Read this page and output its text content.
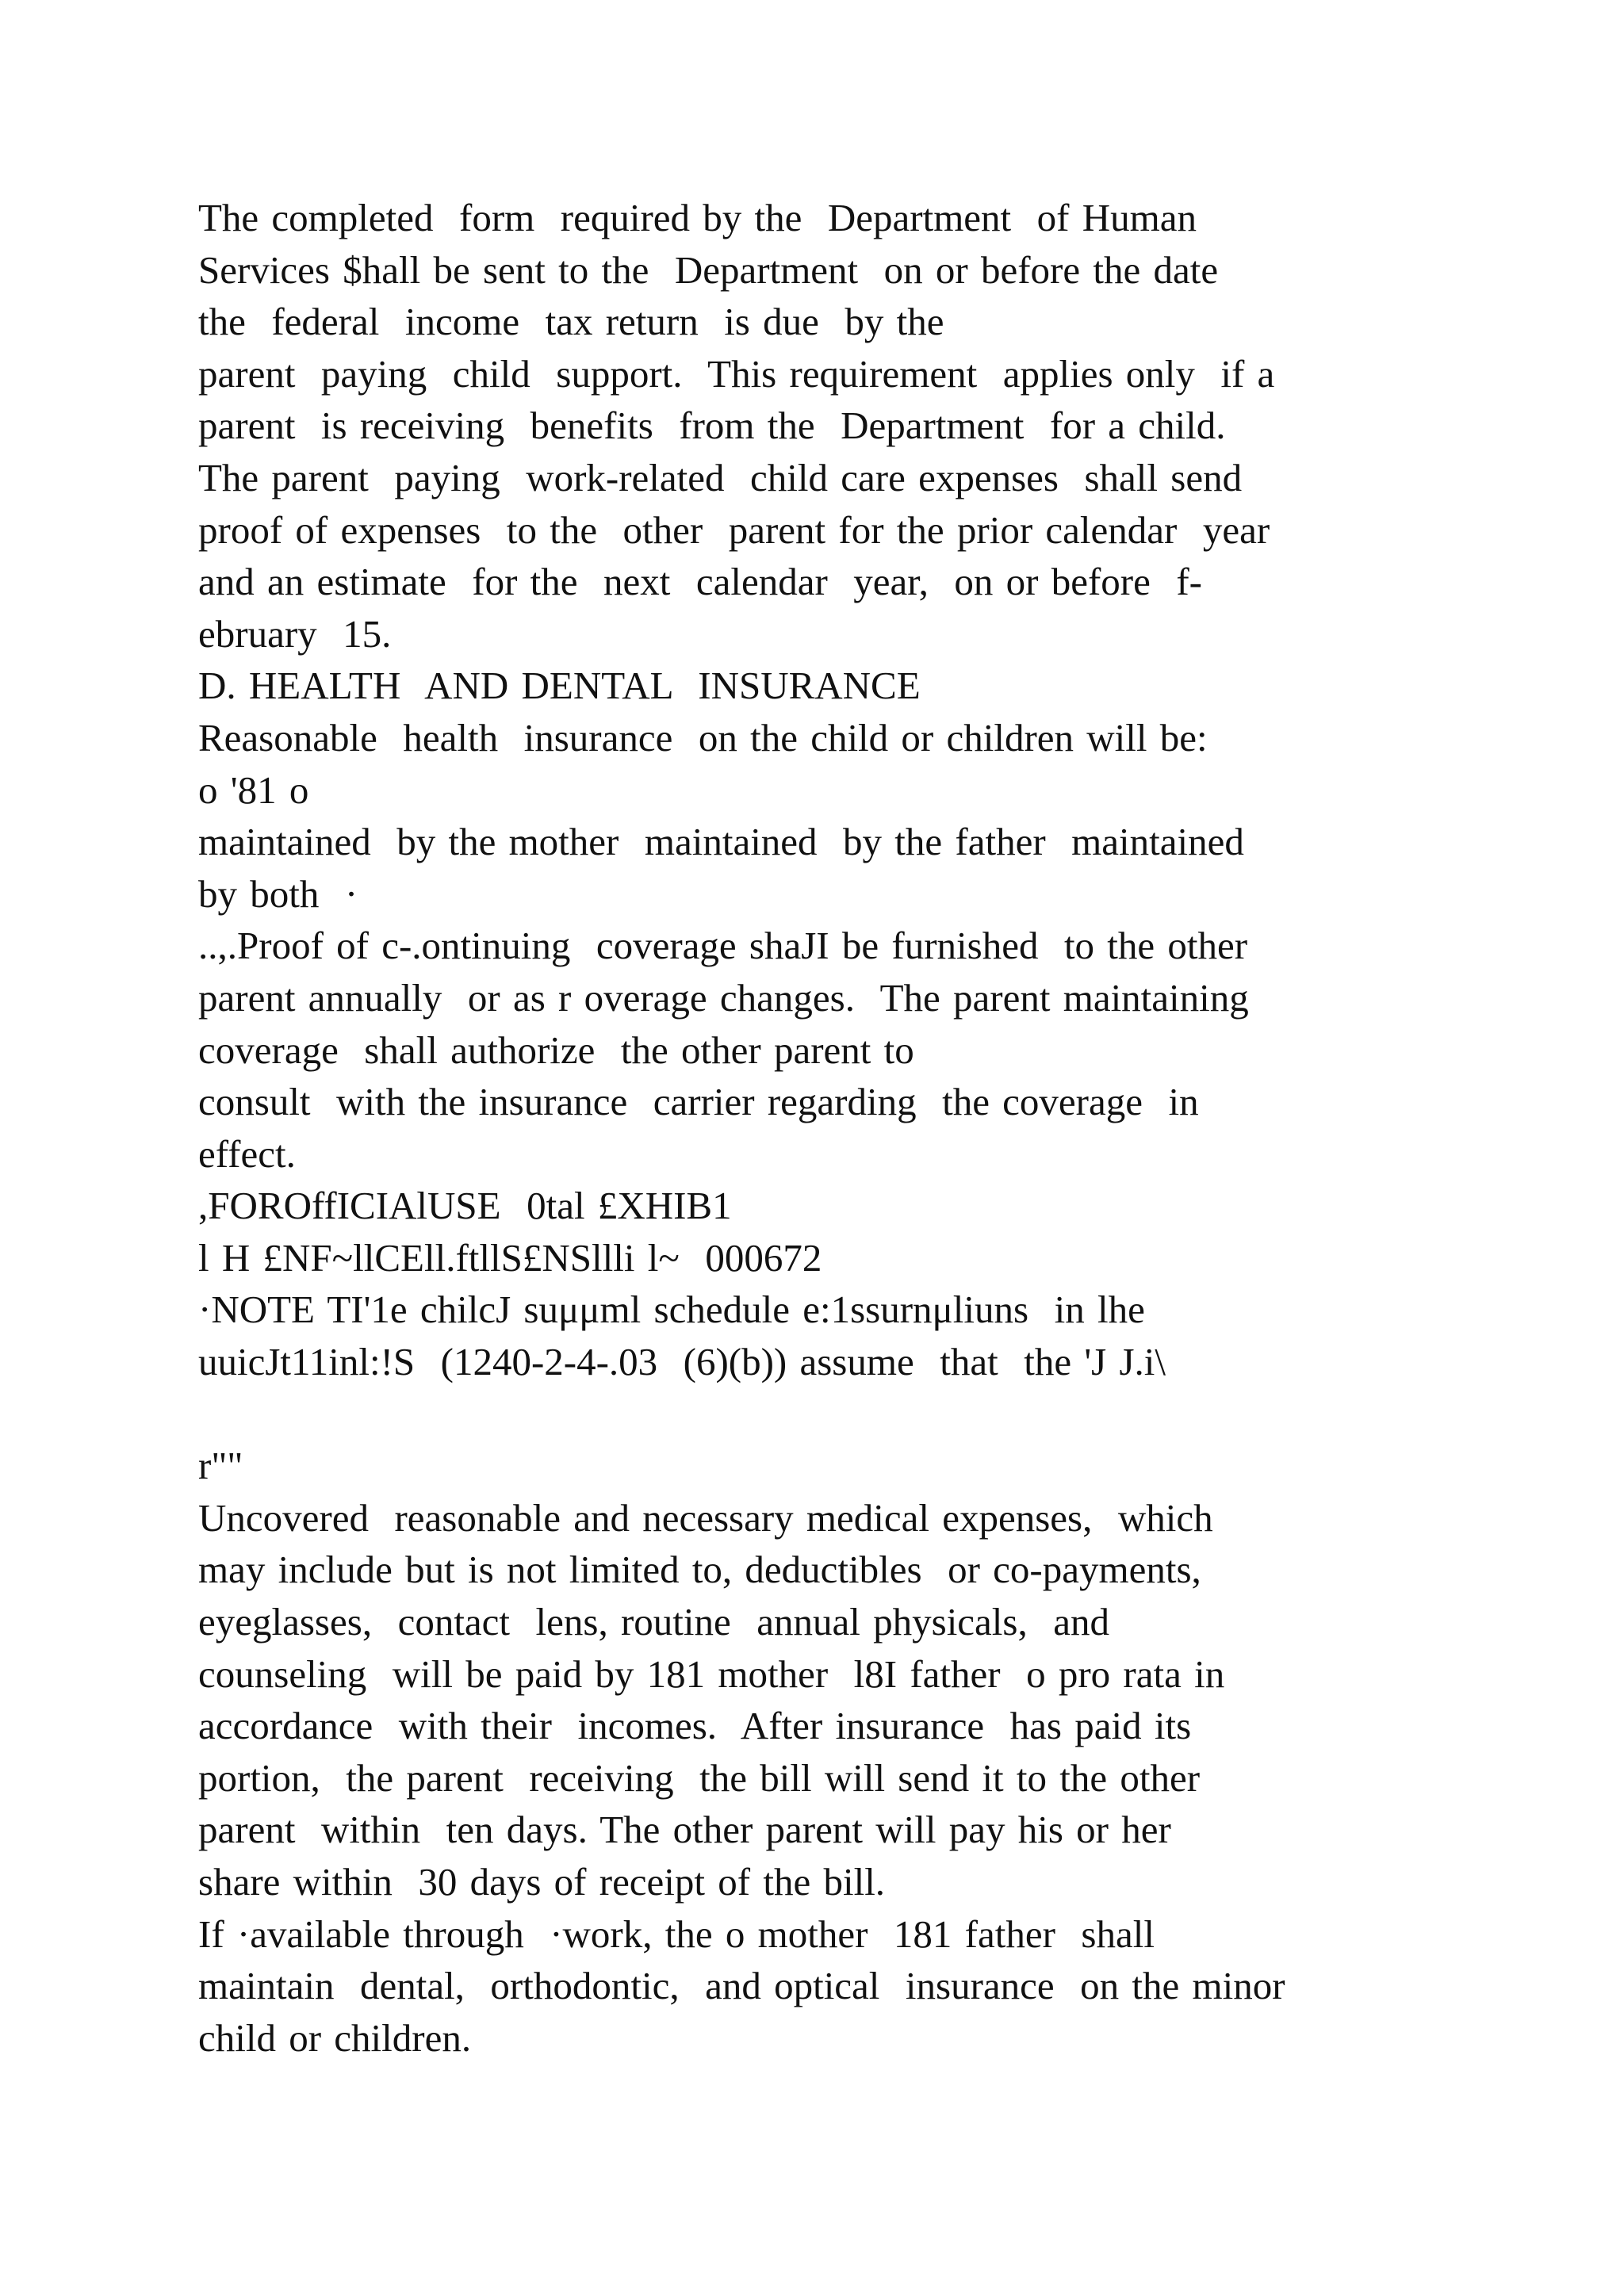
The completed  form  required by the  Department  of Human
Services $hall be sent to the  Department  on or before the date
the  federal  income  tax return  is due  by the
parent  paying  child  support.  This requirement  applies only  if a
parent  is receiving  benefits  from the  Department  for a child.
The parent  paying  work-related  child care expenses  shall send
proof of expenses  to the  other  parent for the prior calendar  year
and an estimate  for the  next  calendar  year,  on or before  f-
ebruary  15.
D. HEALTH  AND DENTAL  INSURANCE
Reasonable  health  insurance  on the child or children will be:
o '81 o
maintained  by the mother  maintained  by the father  maintained
by both  ·
..,.Proof of c-.ontinuing  coverage shaJI be furnished  to the other
parent annually  or as r overage changes.  The parent maintaining
coverage  shall authorize  the other parent to
consult  with the insurance  carrier regarding  the coverage  in
effect.
,FOROffICIAlUSE  0tal £XHIB1
l H £NF~llCEll.ftllS£NSllli l~  000672
·NOTE TI'1e chilcJ suμμml schedule e:1ssurnμliuns  in lhe
uuicJt11inl:!S  (1240-2-4-.03  (6)(b)) assume  that  the 'J J.i\
r""
Uncovered  reasonable and necessary medical expenses,  which
may include but is not limited to, deductibles  or co-payments,
eyeglasses,  contact  lens, routine  annual physicals,  and
counseling  will be paid by 181 mother  l8I father  o pro rata in
accordance  with their  incomes.  After insurance  has paid its
portion,  the parent  receiving  the bill will send it to the other
parent  within  ten days. The other parent will pay his or her
share within  30 days of receipt of the bill.
If ·available through  ·work, the o mother  181 father  shall
maintain  dental,  orthodontic,  and optical  insurance  on the minor
child or children.
